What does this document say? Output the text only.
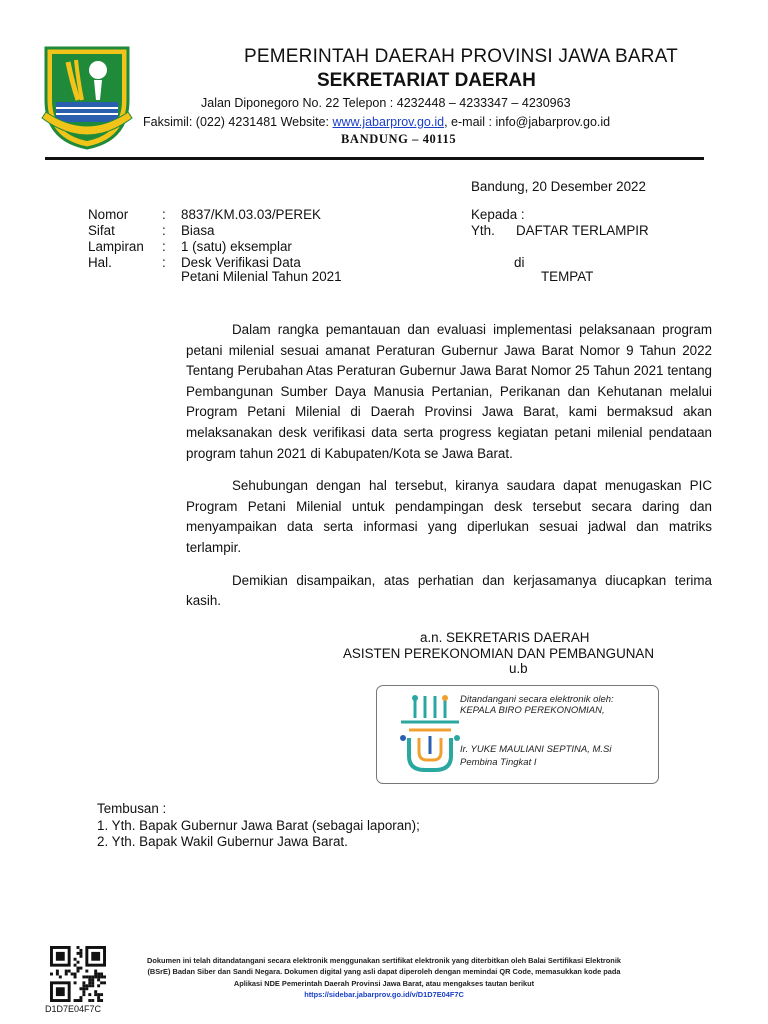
PEMERINTAH DAERAH PROVINSI JAWA BARAT
SEKRETARIAT DAERAH
Jalan Diponegoro No. 22 Telepon : 4232448 – 4233347 – 4230963
Faksimil: (022) 4231481 Website: www.jabarprov.go.id, e-mail : info@jabarprov.go.id
BANDUNG – 40115
Bandung, 20 Desember 2022
Nomor	: 8837/KM.03.03/PEREK
Sifat	: Biasa
Lampiran : 1 (satu) eksemplar
Hal.	: Desk Verifikasi Data
Petani Milenial Tahun 2021
Kepada :
Yth. DAFTAR TERLAMPIR
di
TEMPAT

Dalam rangka pemantauan dan evaluasi implementasi pelaksanaan program petani milenial sesuai amanat Peraturan Gubernur Jawa Barat Nomor 9 Tahun 2022 Tentang Perubahan Atas Peraturan Gubernur Jawa Barat Nomor 25 Tahun 2021 tentang Pembangunan Sumber Daya Manusia Pertanian, Perikanan dan Kehutanan melalui Program Petani Milenial di Daerah Provinsi Jawa Barat, kami bermaksud akan melaksanakan desk verifikasi data serta progress kegiatan petani milenial pendataan program tahun 2021 di Kabupaten/Kota se Jawa Barat.

Sehubungan dengan hal tersebut, kiranya saudara dapat menugaskan PIC Program Petani Milenial untuk pendampingan desk tersebut secara daring dan menyampaikan data serta informasi yang diperlukan sesuai jadwal dan matriks terlampir.

Demikian disampaikan, atas perhatian dan kerjasamanya diucapkan terima kasih.

a.n. SEKRETARIS DAERAH
ASISTEN PEREKONOMIAN DAN PEMBANGUNAN
u.b
Ditandangani secara elektronik oleh:
KEPALA BIRO PEREKONOMIAN,
Ir. YUKE MAULIANI SEPTINA, M.Si
Pembina Tingkat I
Tembusan :
1. Yth. Bapak Gubernur Jawa Barat (sebagai laporan);
2. Yth. Bapak Wakil Gubernur Jawa Barat.
D1D7E04F7C
Dokumen ini telah ditandatangani secara elektronik menggunakan sertifikat elektronik yang diterbitkan oleh Balai Sertifikasi Elektronik (BSrE) Badan Siber dan Sandi Negara. Dokumen digital yang asli dapat diperoleh dengan memindai QR Code, memasukkan kode pada Aplikasi NDE Pemerintah Daerah Provinsi Jawa Barat, atau mengakses tautan berikut
https://sidebar.jabarprov.go.id/v/D1D7E04F7C
